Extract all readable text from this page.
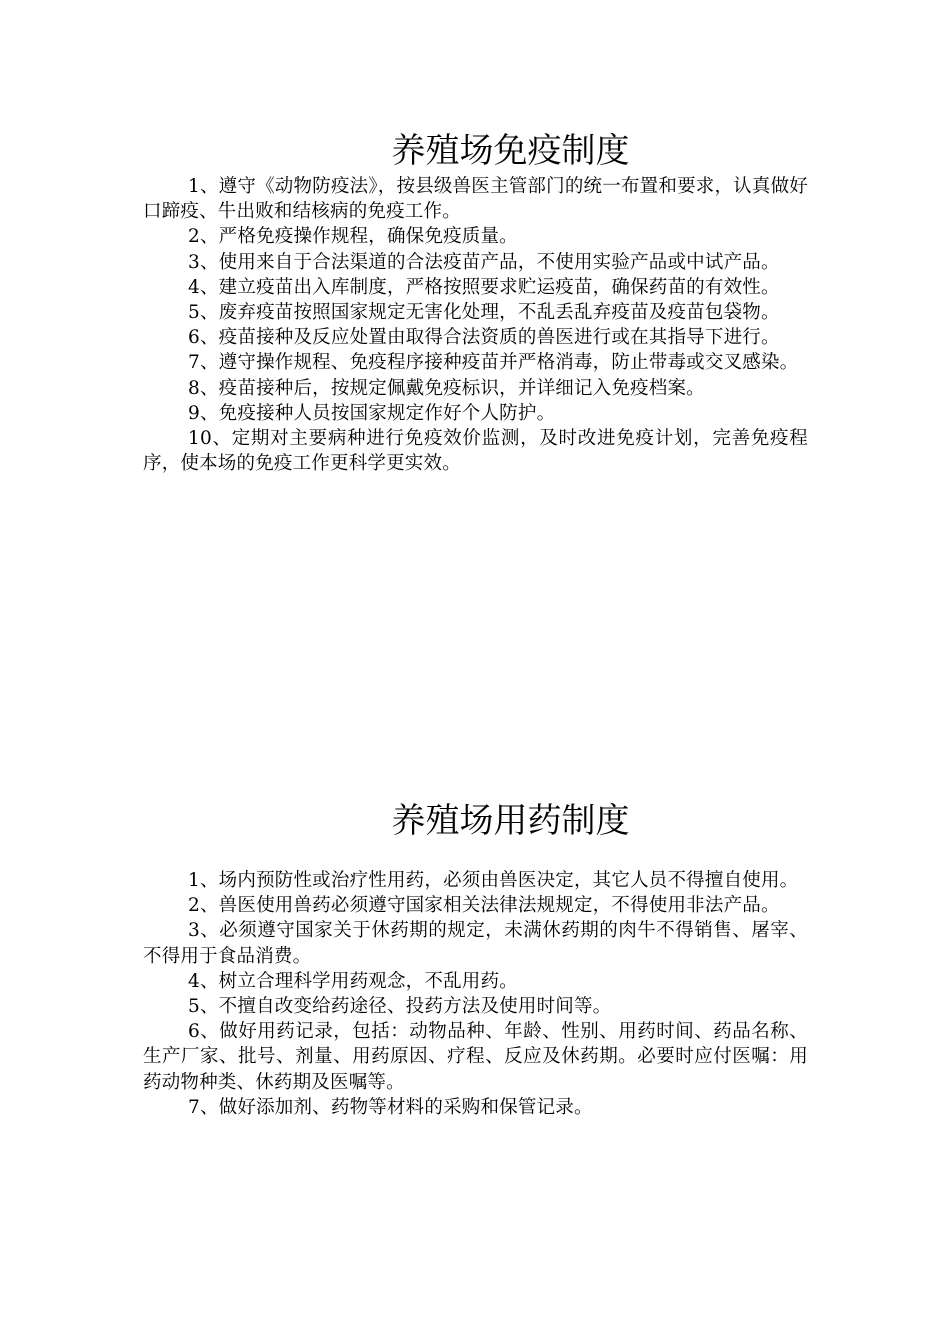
养殖场免疫制度

1、遵守《动物防疫法》，按县级兽医主管部门的统一布置和要求，认真做好口蹄疫、牛出败和结核病的免疫工作。

2、严格免疫操作规程，确保免疫质量。

3、使用来自于合法渠道的合法疫苗产品，不使用实验产品或中试产品。

4、建立疫苗出入库制度，严格按照要求贮运疫苗，确保药苗的有效性。

5、废弃疫苗按照国家规定无害化处理，不乱丢乱弃疫苗及疫苗包袋物。

6、疫苗接种及反应处置由取得合法资质的兽医进行或在其指导下进行。

7、遵守操作规程、免疫程序接种疫苗并严格消毒，防止带毒或交叉感染。

8、疫苗接种后，按规定佩戴免疫标识，并详细记入免疫档案。

9、免疫接种人员按国家规定作好个人防护。

10、定期对主要病种进行免疫效价监测，及时改进免疫计划，完善免疫程序，使本场的免疫工作更科学更实效。

养殖场用药制度

1、场内预防性或治疗性用药，必须由兽医决定，其它人员不得擅自使用。

2、兽医使用兽药必须遵守国家相关法律法规规定，不得使用非法产品。

3、必须遵守国家关于休药期的规定，未满休药期的肉牛不得销售、屠宰、不得用于食品消费。

4、树立合理科学用药观念，不乱用药。

5、不擅自改变给药途径、投药方法及使用时间等。

6、做好用药记录，包括：动物品种、年龄、性别、用药时间、药品名称、生产厂家、批号、剂量、用药原因、疗程、反应及休药期。必要时应付医嘱：用药动物种类、休药期及医嘱等。

7、做好添加剂、药物等材料的采购和保管记录。
